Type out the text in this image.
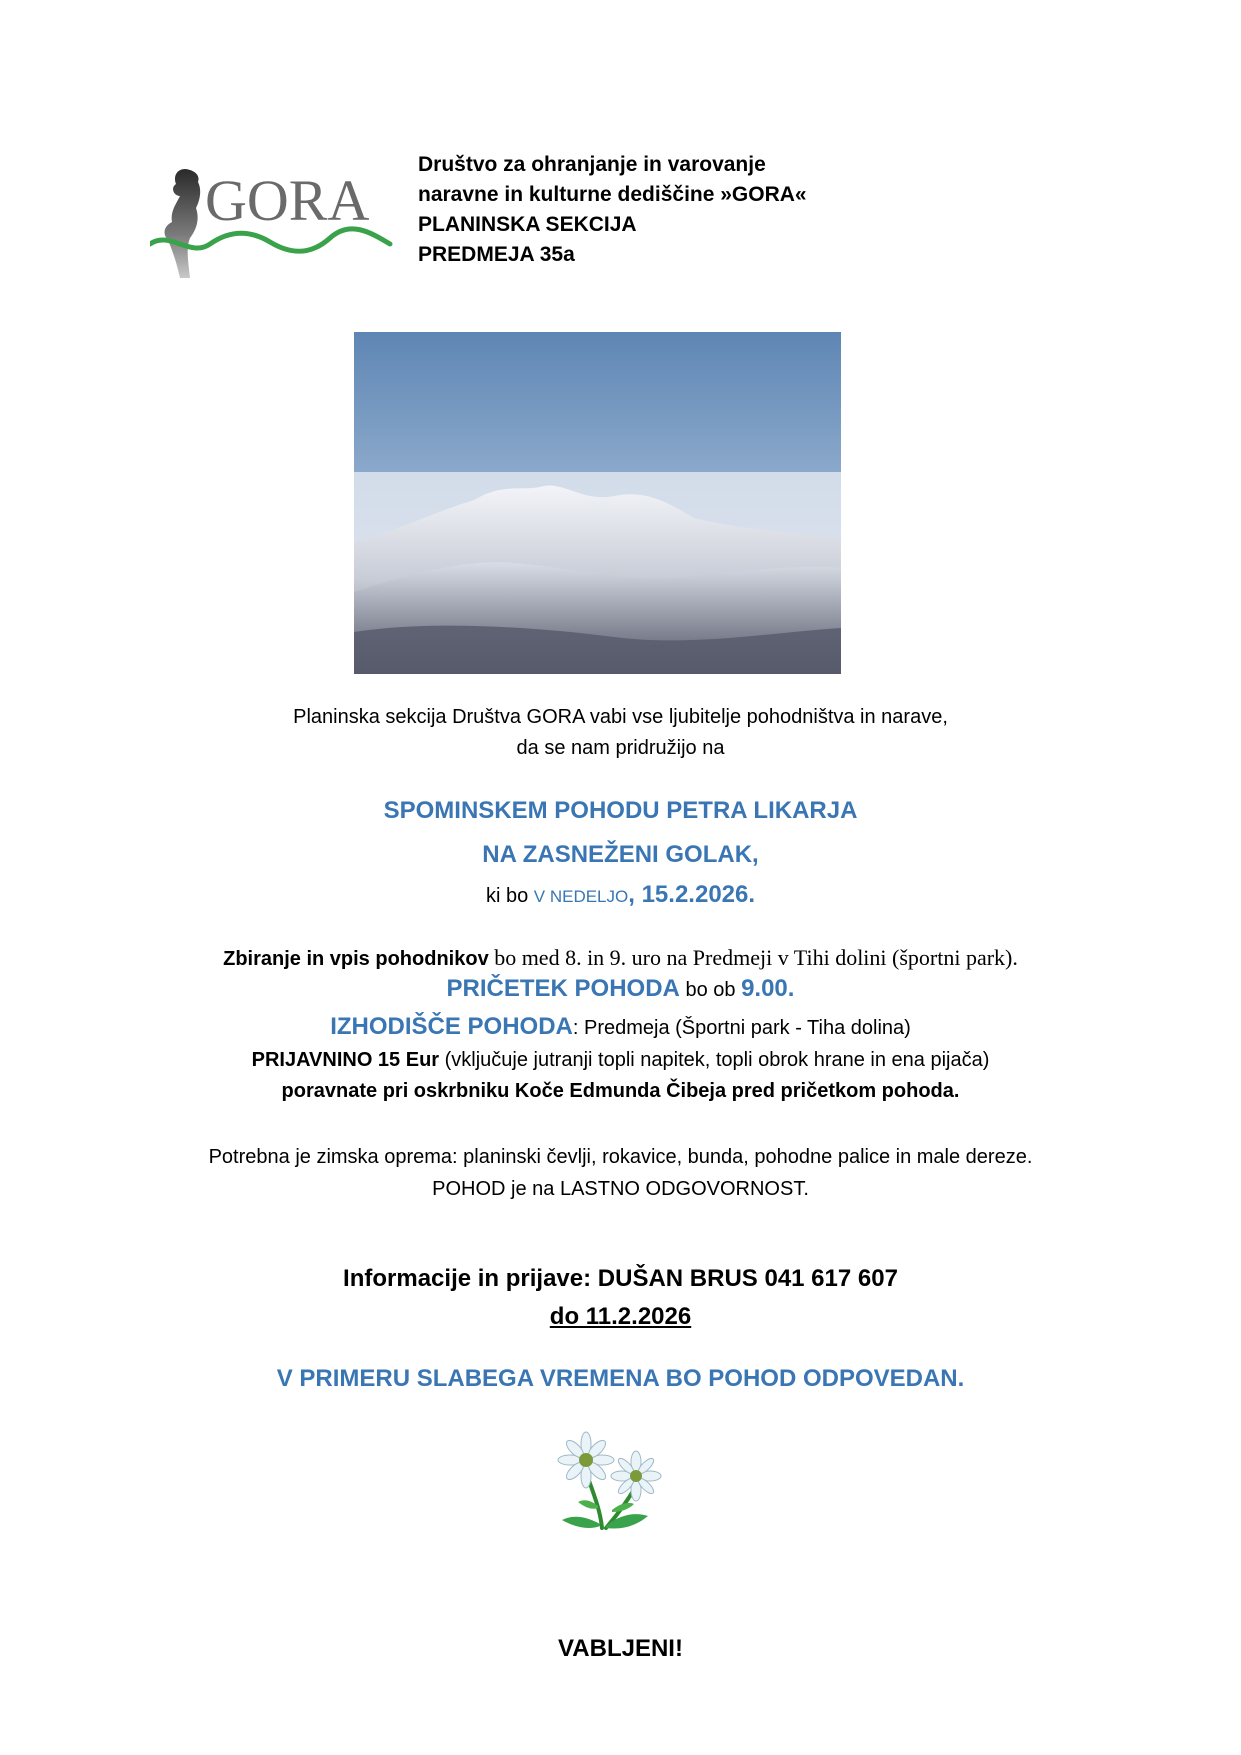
GORA
Društvo za ohranjanje in varovanje
naravne in kulturne dediščine »GORA«
PLANINSKA SEKCIJA
PREDMEJA 35a
Planinska sekcija Društva GORA vabi vse ljubitelje pohodništva in narave,
da se nam pridružijo na
SPOMINSKEM POHODU PETRA LIKARJA
NA ZASNEŽENI GOLAK,
ki bo V NEDELJO, 15.2.2026.
Zbiranje in vpis pohodnikov bo med 8. in 9. uro na Predmeji v Tihi dolini (športni park).
PRIČETEK POHODA bo ob 9.00.
IZHODIŠČE POHODA: Predmeja (Športni park - Tiha dolina)
PRIJAVNINO 15 Eur (vključuje jutranji topli napitek, topli obrok hrane in ena pijača)
poravnate pri oskrbniku Koče Edmunda Čibeja pred pričetkom pohoda.
Potrebna je zimska oprema: planinski čevlji, rokavice, bunda, pohodne palice in male dereze.
POHOD je na LASTNO ODGOVORNOST.
Informacije in prijave: DUŠAN BRUS 041 617 607
do 11.2.2026
V PRIMERU SLABEGA VREMENA BO POHOD ODPOVEDAN.
VABLJENI!
